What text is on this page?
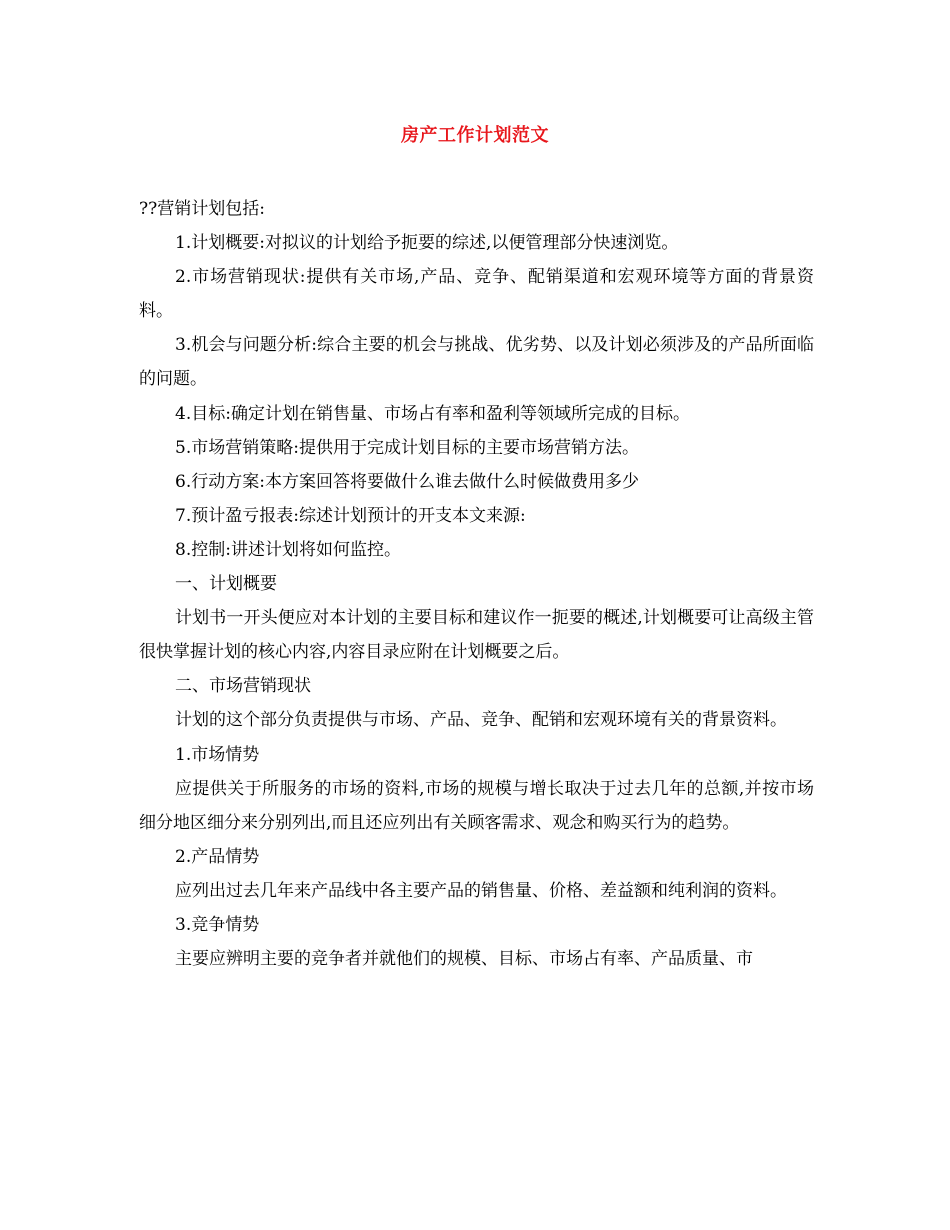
房产工作计划范文

??营销计划包括:

1.计划概要:对拟议的计划给予扼要的综述,以便管理部分快速浏览。

2.市场营销现状:提供有关市场,产品、竞争、配销渠道和宏观环境等方面的背景资料。

3.机会与问题分析:综合主要的机会与挑战、优劣势、以及计划必须涉及的产品所面临的问题。

4.目标:确定计划在销售量、市场占有率和盈利等领域所完成的目标。

5.市场营销策略:提供用于完成计划目标的主要市场营销方法。

6.行动方案:本方案回答将要做什么谁去做什么时候做费用多少

7.预计盈亏报表:综述计划预计的开支本文来源:

8.控制:讲述计划将如何监控。

一、计划概要

计划书一开头便应对本计划的主要目标和建议作一扼要的概述,计划概要可让高级主管很快掌握计划的核心内容,内容目录应附在计划概要之后。

二、市场营销现状

计划的这个部分负责提供与市场、产品、竞争、配销和宏观环境有关的背景资料。

1.市场情势

应提供关于所服务的市场的资料,市场的规模与增长取决于过去几年的总额,并按市场细分地区细分来分别列出,而且还应列出有关顾客需求、观念和购买行为的趋势。

2.产品情势

应列出过去几年来产品线中各主要产品的销售量、价格、差益额和纯利润的资料。

3.竞争情势

主要应辨明主要的竞争者并就他们的规模、目标、市场占有率、产品质量、市
